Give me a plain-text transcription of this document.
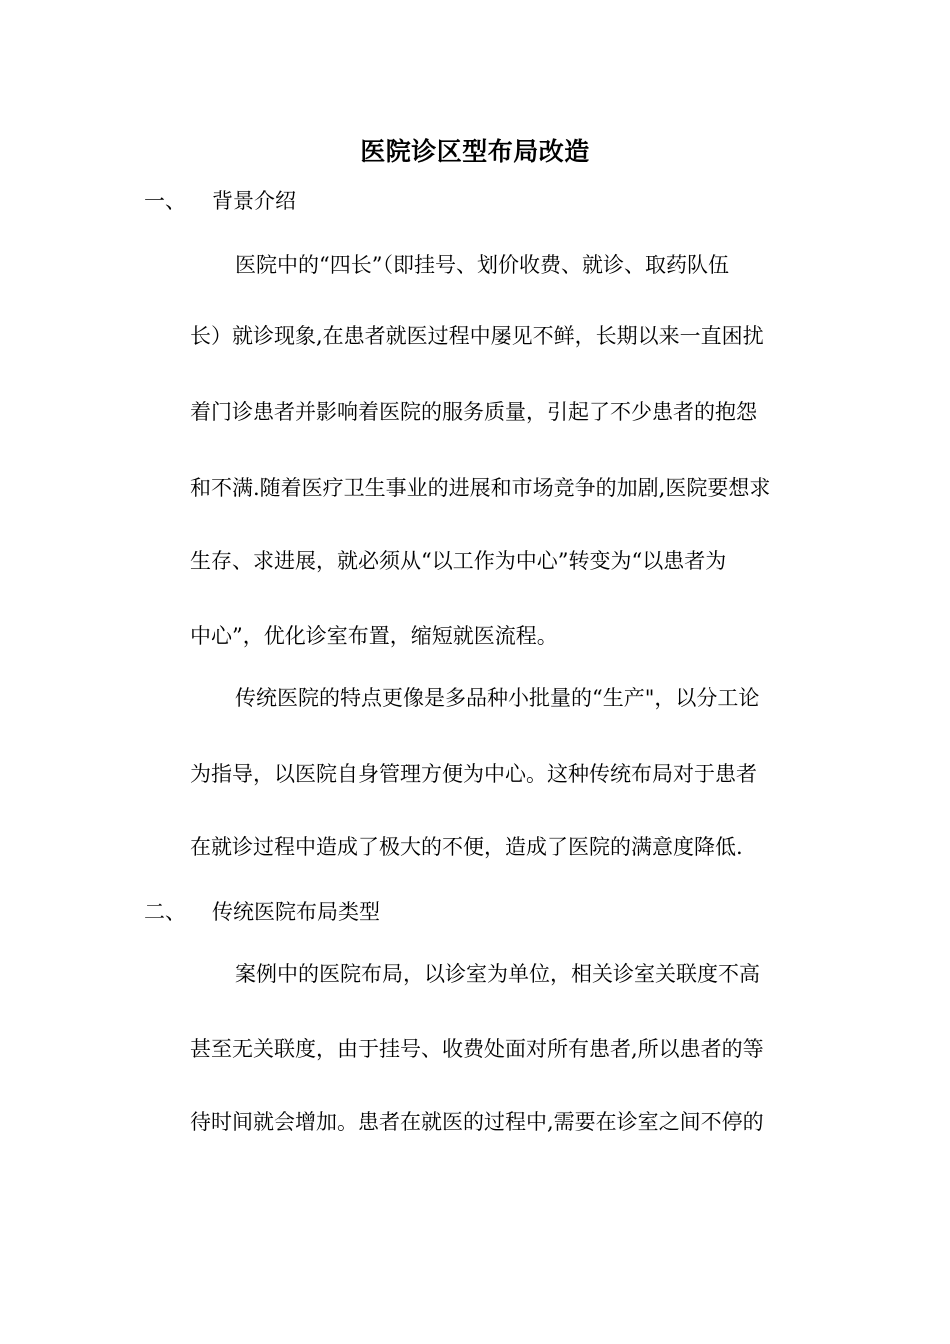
医院诊区型布局改造
一、 背景介绍
医院中的“四长”（即挂号、划价收费、就诊、取药队伍
长）就诊现象,在患者就医过程中屡见不鲜，长期以来一直困扰
着门诊患者并影响着医院的服务质量，引起了不少患者的抱怨
和不满.随着医疗卫生事业的进展和市场竞争的加剧,医院要想求
生存、求进展，就必须从“以工作为中心”转变为“以患者为
中心”，优化诊室布置，缩短就医流程。
传统医院的特点更像是多品种小批量的“生产"，以分工论
为指导，以医院自身管理方便为中心。这种传统布局对于患者
在就诊过程中造成了极大的不便，造成了医院的满意度降低.
二、 传统医院布局类型
案例中的医院布局，以诊室为单位，相关诊室关联度不高
甚至无关联度，由于挂号、收费处面对所有患者,所以患者的等
待时间就会增加。患者在就医的过程中,需要在诊室之间不停的
